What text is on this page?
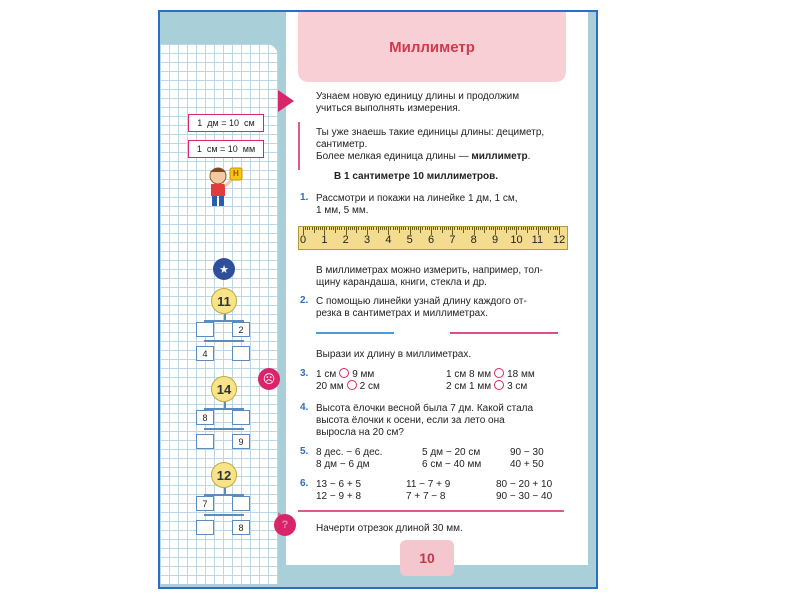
Миллиметр
Узнаем новую единицу длины и продолжим
учиться выполнять измерения.
Ты уже знаешь такие единицы длины: дециметр,
сантиметр.
Более мелкая единица длины — миллиметр.
В 1 сантиметре 10 миллиметров.
1. Рассмотри и покажи на линейке 1 дм, 1 см,
1 мм, 5 мм.
0 1 2 3 4 5 6 7 8 9 10 11 12
В миллиметрах можно измерить, например, тол-
щину карандаша, книги, стекла и др.
2. С помощью линейки узнай длину каждого от-
резка в сантиметрах и миллиметрах.
Вырази их длину в миллиметрах.
3. 1 см 9 мм
20 мм 2 см
1 см 8 мм 18 мм
2 см 1 мм 3 см
4. Высота ёлочки весной была 7 дм. Какой стала
высота ёлочки к осени, если за лето она
выросла на 20 см?
5. 8 дес. − 6 дес.
8 дм − 6 дм
5 дм − 20 см
6 см − 40 мм
90 − 30
40 + 50
6. 13 − 6 + 5
12 − 9 + 8
11 − 7 + 9
7 + 7 − 8
80 − 20 + 10
90 − 30 − 40
?	Начерти отрезок длиной 30 мм.
10
1  дм = 10  см
1  см = 10  мм
Н
★
☹
11
2
4
14
8
9
12
7
8
